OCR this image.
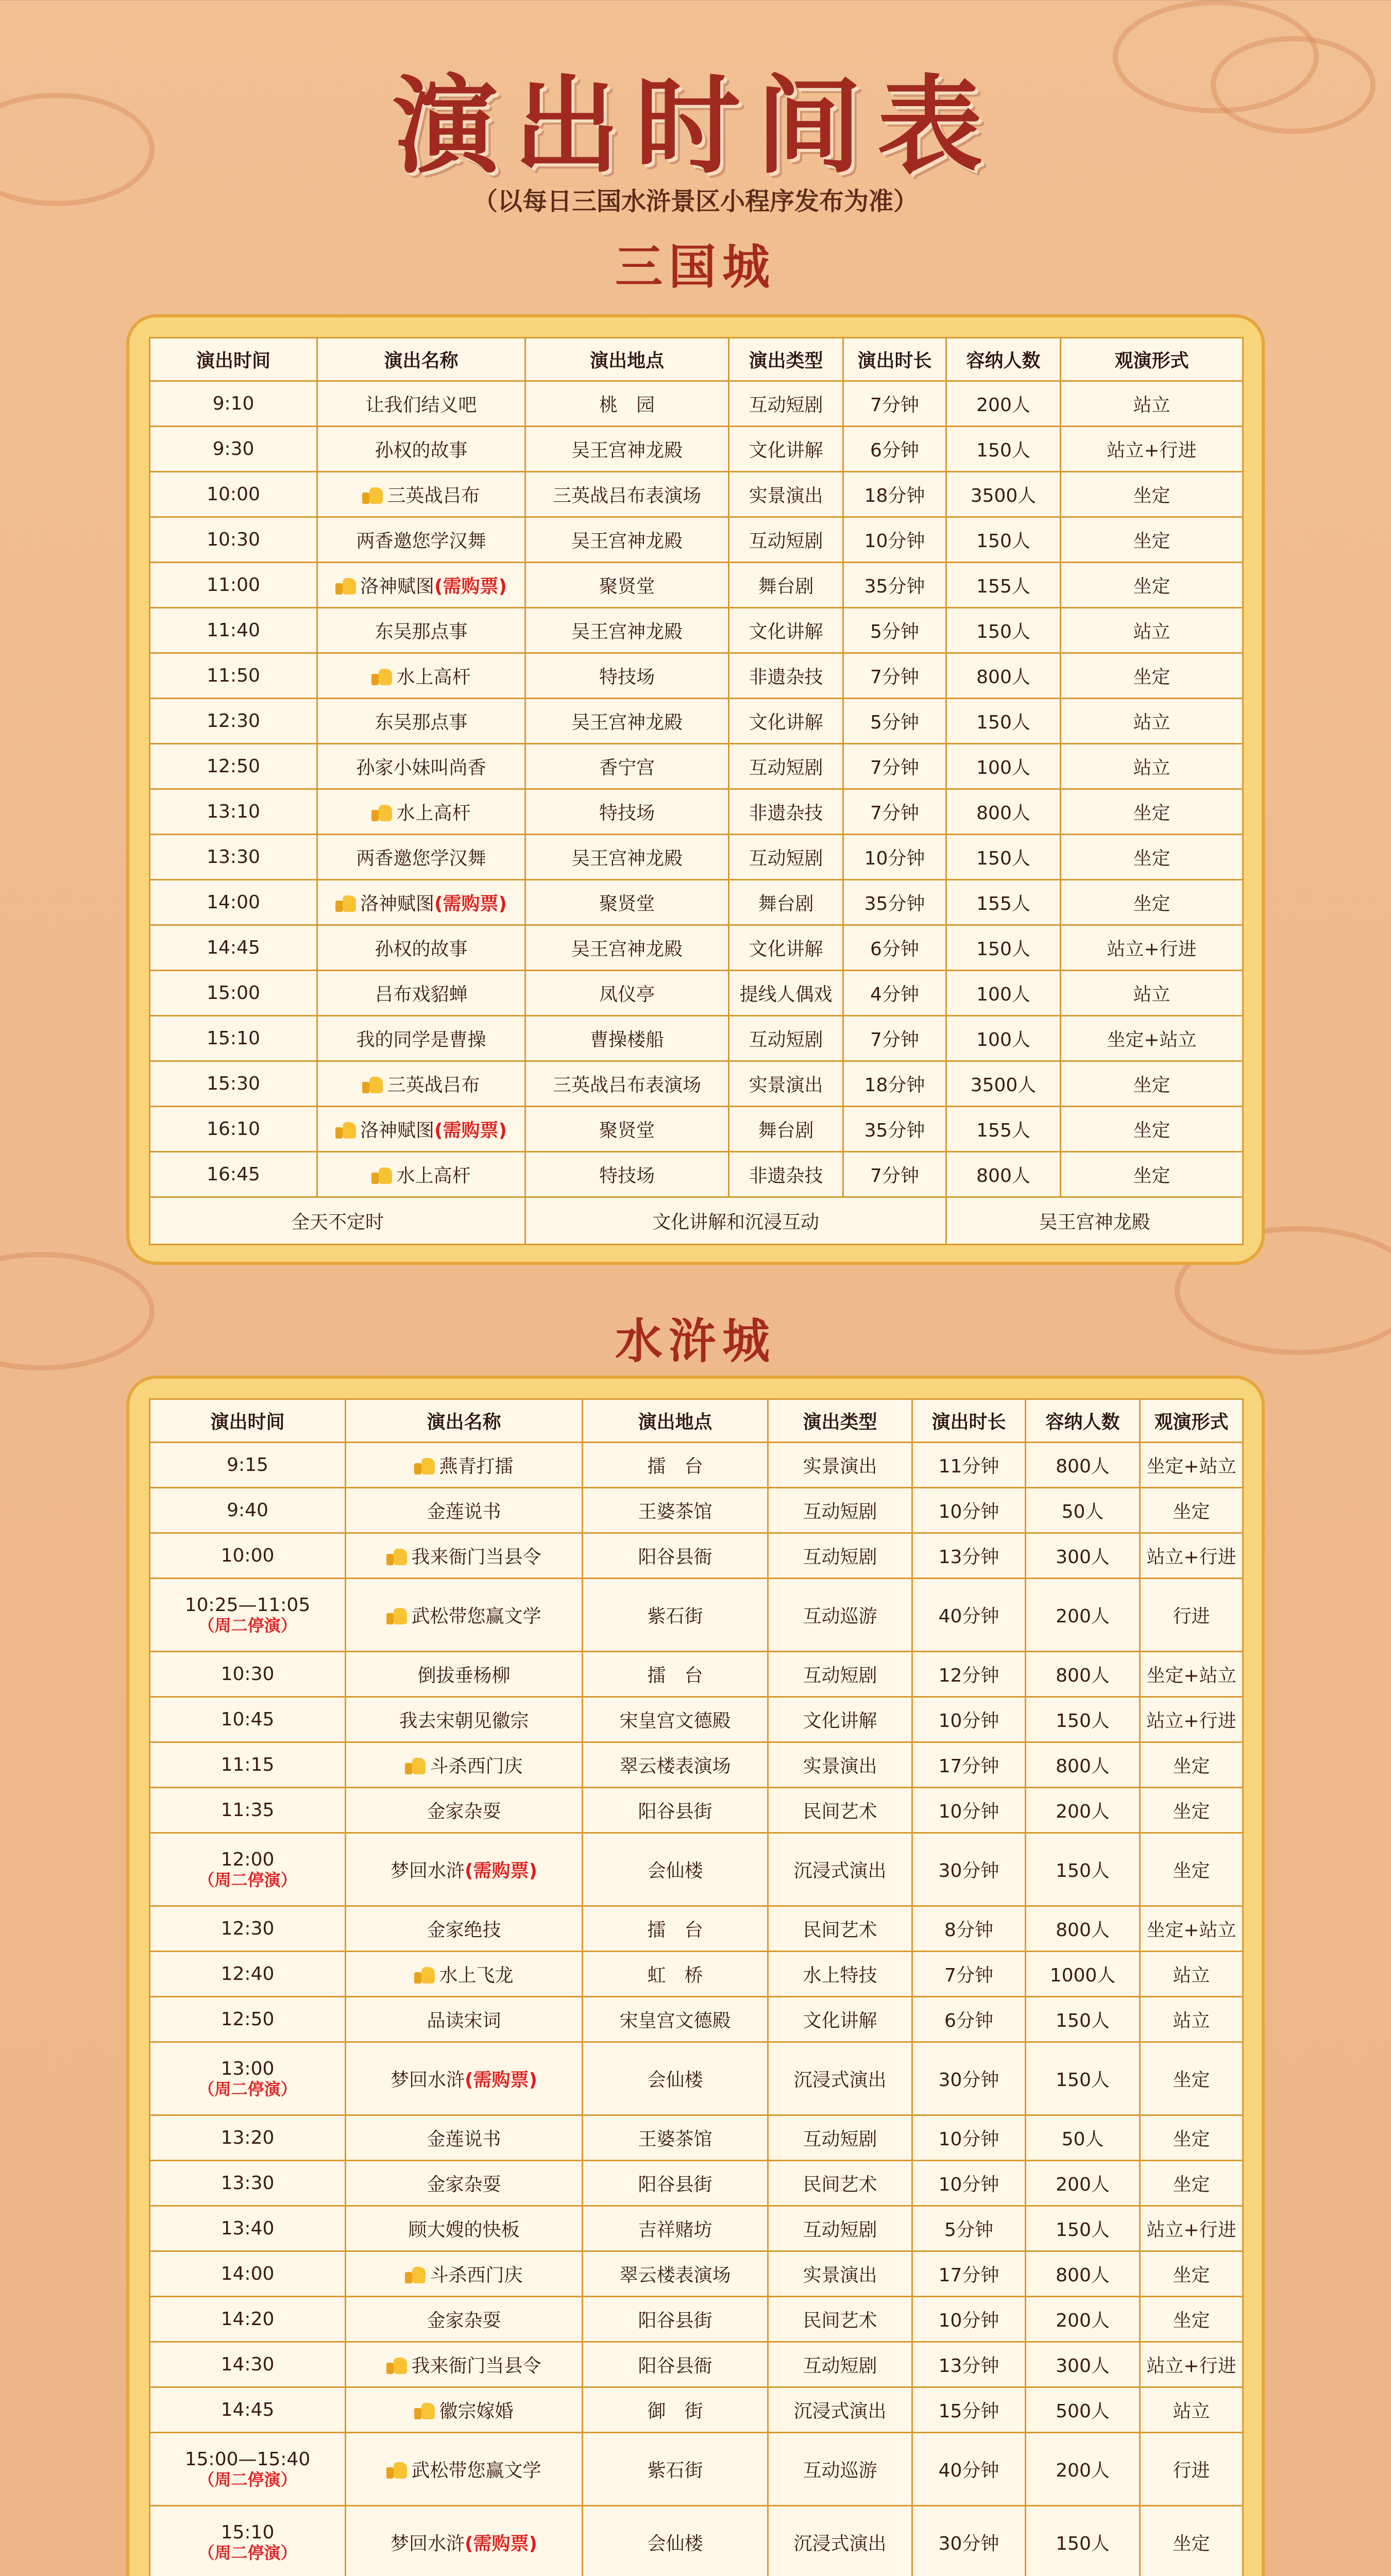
演出时间表
（以每日三国水浒景区小程序发布为准）
三国城
演出时间	演出名称	演出地点	演出类型	演出时长	容纳人数	观演形式

9:10	让我们结义吧	桃　园	互动短剧	7分钟	200人	站立

9:30	孙权的故事	吴王宫神龙殿	文化讲解	6分钟	150人	站立+行进

10:00	三英战吕布	三英战吕布表演场	实景演出	18分钟	3500人	坐定

10:30	两香邀您学汉舞	吴王宫神龙殿	互动短剧	10分钟	150人	坐定

11:00	洛神赋图(需购票)	聚贤堂	舞台剧	35分钟	155人	坐定

11:40	东吴那点事	吴王宫神龙殿	文化讲解	5分钟	150人	站立

11:50	水上高杆	特技场	非遗杂技	7分钟	800人	坐定

12:30	东吴那点事	吴王宫神龙殿	文化讲解	5分钟	150人	站立

12:50	孙家小妹叫尚香	香宁宫	互动短剧	7分钟	100人	站立

13:10	水上高杆	特技场	非遗杂技	7分钟	800人	坐定

13:30	两香邀您学汉舞	吴王宫神龙殿	互动短剧	10分钟	150人	坐定

14:00	洛神赋图(需购票)	聚贤堂	舞台剧	35分钟	155人	坐定

14:45	孙权的故事	吴王宫神龙殿	文化讲解	6分钟	150人	站立+行进

15:00	吕布戏貂蝉	凤仪亭	提线人偶戏	4分钟	100人	站立

15:10	我的同学是曹操	曹操楼船	互动短剧	7分钟	100人	坐定+站立

15:30	三英战吕布	三英战吕布表演场	实景演出	18分钟	3500人	坐定

16:10	洛神赋图(需购票)	聚贤堂	舞台剧	35分钟	155人	坐定

16:45	水上高杆	特技场	非遗杂技	7分钟	800人	坐定
全天不定时		文化讲解和沉浸互动			吴王宫神龙殿	
水浒城
演出时间	演出名称	演出地点	演出类型	演出时长	容纳人数	观演形式

9:15	燕青打擂	擂　台	实景演出	11分钟	800人	坐定+站立

9:40	金莲说书	王婆茶馆	互动短剧	10分钟	50人	坐定

10:00	我来衙门当县令	阳谷县衙	互动短剧	13分钟	300人	站立+行进

10:25—11:05
（周二停演）	武松带您赢文学	紫石街	互动巡游	40分钟	200人	行进

10:30	倒拔垂杨柳	擂　台	互动短剧	12分钟	800人	坐定+站立

10:45	我去宋朝见徽宗	宋皇宫文德殿	文化讲解	10分钟	150人	站立+行进

11:15	斗杀西门庆	翠云楼表演场	实景演出	17分钟	800人	坐定

11:35	金家杂耍	阳谷县街	民间艺术	10分钟	200人	坐定

12:00
（周二停演）	梦回水浒(需购票)	会仙楼	沉浸式演出	30分钟	150人	坐定

12:30	金家绝技	擂　台	民间艺术	8分钟	800人	坐定+站立

12:40	水上飞龙	虹　桥	水上特技	7分钟	1000人	站立

12:50	品读宋词	宋皇宫文德殿	文化讲解	6分钟	150人	站立

13:00
（周二停演）	梦回水浒(需购票)	会仙楼	沉浸式演出	30分钟	150人	坐定

13:20	金莲说书	王婆茶馆	互动短剧	10分钟	50人	坐定

13:30	金家杂耍	阳谷县街	民间艺术	10分钟	200人	坐定

13:40	顾大嫂的快板	吉祥赌坊	互动短剧	5分钟	150人	站立+行进

14:00	斗杀西门庆	翠云楼表演场	实景演出	17分钟	800人	坐定

14:20	金家杂耍	阳谷县街	民间艺术	10分钟	200人	坐定

14:30	我来衙门当县令	阳谷县衙	互动短剧	13分钟	300人	站立+行进

14:45	徽宗嫁婚	御　街	沉浸式演出	15分钟	500人	站立

15:00—15:40
（周二停演）	武松带您赢文学	紫石街	互动巡游	40分钟	200人	行进

15:10
（周二停演）	梦回水浒(需购票)	会仙楼	沉浸式演出	30分钟	150人	坐定
